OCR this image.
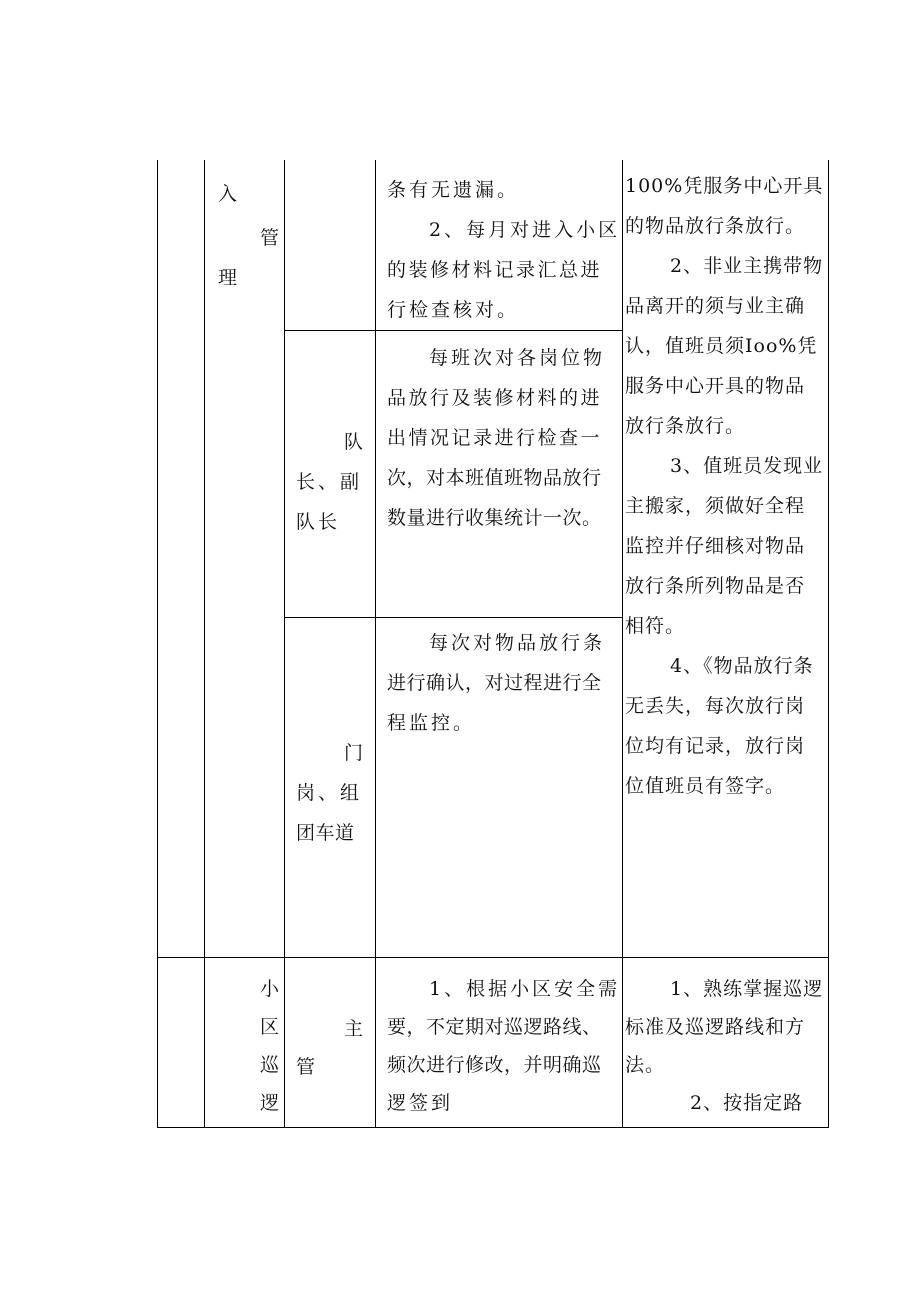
入
管
理
条有无遗漏。
2、每月对进入小区
的装修材料记录汇总进
行检查核对。
队
长、副
队长
每班次对各岗位物
品放行及装修材料的进
出情况记录进行检查一
次，对本班值班物品放行
数量进行收集统计一次。
门
岗、组
团车道
每次对物品放行条
进行确认，对过程进行全
程监控。
100%凭服务中心开具
的物品放行条放行。
2、非业主携带物
品离开的须与业主确
认，值班员须Ioo%凭
服务中心开具的物品
放行条放行。
3、值班员发现业
主搬家，须做好全程
监控并仔细核对物品
放行条所列物品是否
相符。
4、《物品放行条
无丢失，每次放行岗
位均有记录，放行岗
位值班员有签字。
小
区
巡
逻
主
管
1、根据小区安全需
要，不定期对巡逻路线、
频次进行修改，并明确巡
逻签到
1、熟练掌握巡逻
标准及巡逻路线和方
法。
2、按指定路
